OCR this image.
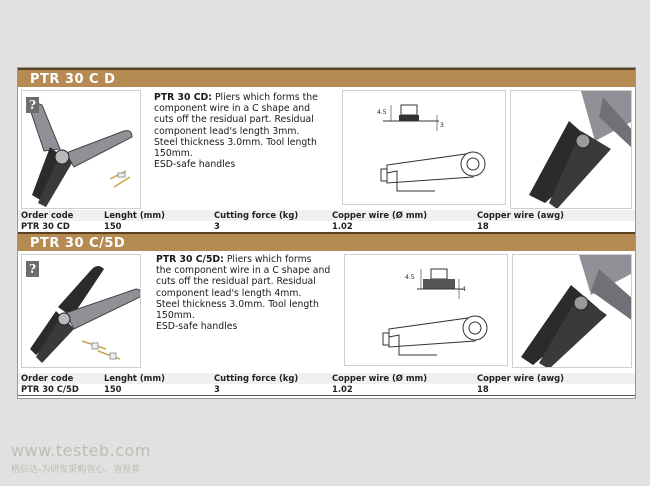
PTR 30 C D
?
PTR 30 CD: Pliers which forms the
component wire in a C shape and
cuts off the residual part. Residual
component lead's length 3mm.
Steel thickness 3.0mm. Tool length
150mm.
ESD-safe handles
4.5
3
Order code	Lenght (mm)	Cutting force (kg)	Copper wire (Ø mm)	Copper wire (awg)
PTR 30 CD	150	3	1.02	18
PTR 30 C/5D
?
PTR 30 C/5D: Pliers which forms
the component wire in a C shape and
cuts off the residual part. Residual
component lead's length 4mm.
Steel thickness 3.0mm. Tool length
150mm.
ESD-safe handles
4.5
4
Order code	Lenght (mm)	Cutting force (kg)	Copper wire (Ø mm)	Copper wire (awg)
PTR 30 C/5D	150	3	1.02	18
www.testeb.com
格信达-为研发采购省心、省预算
